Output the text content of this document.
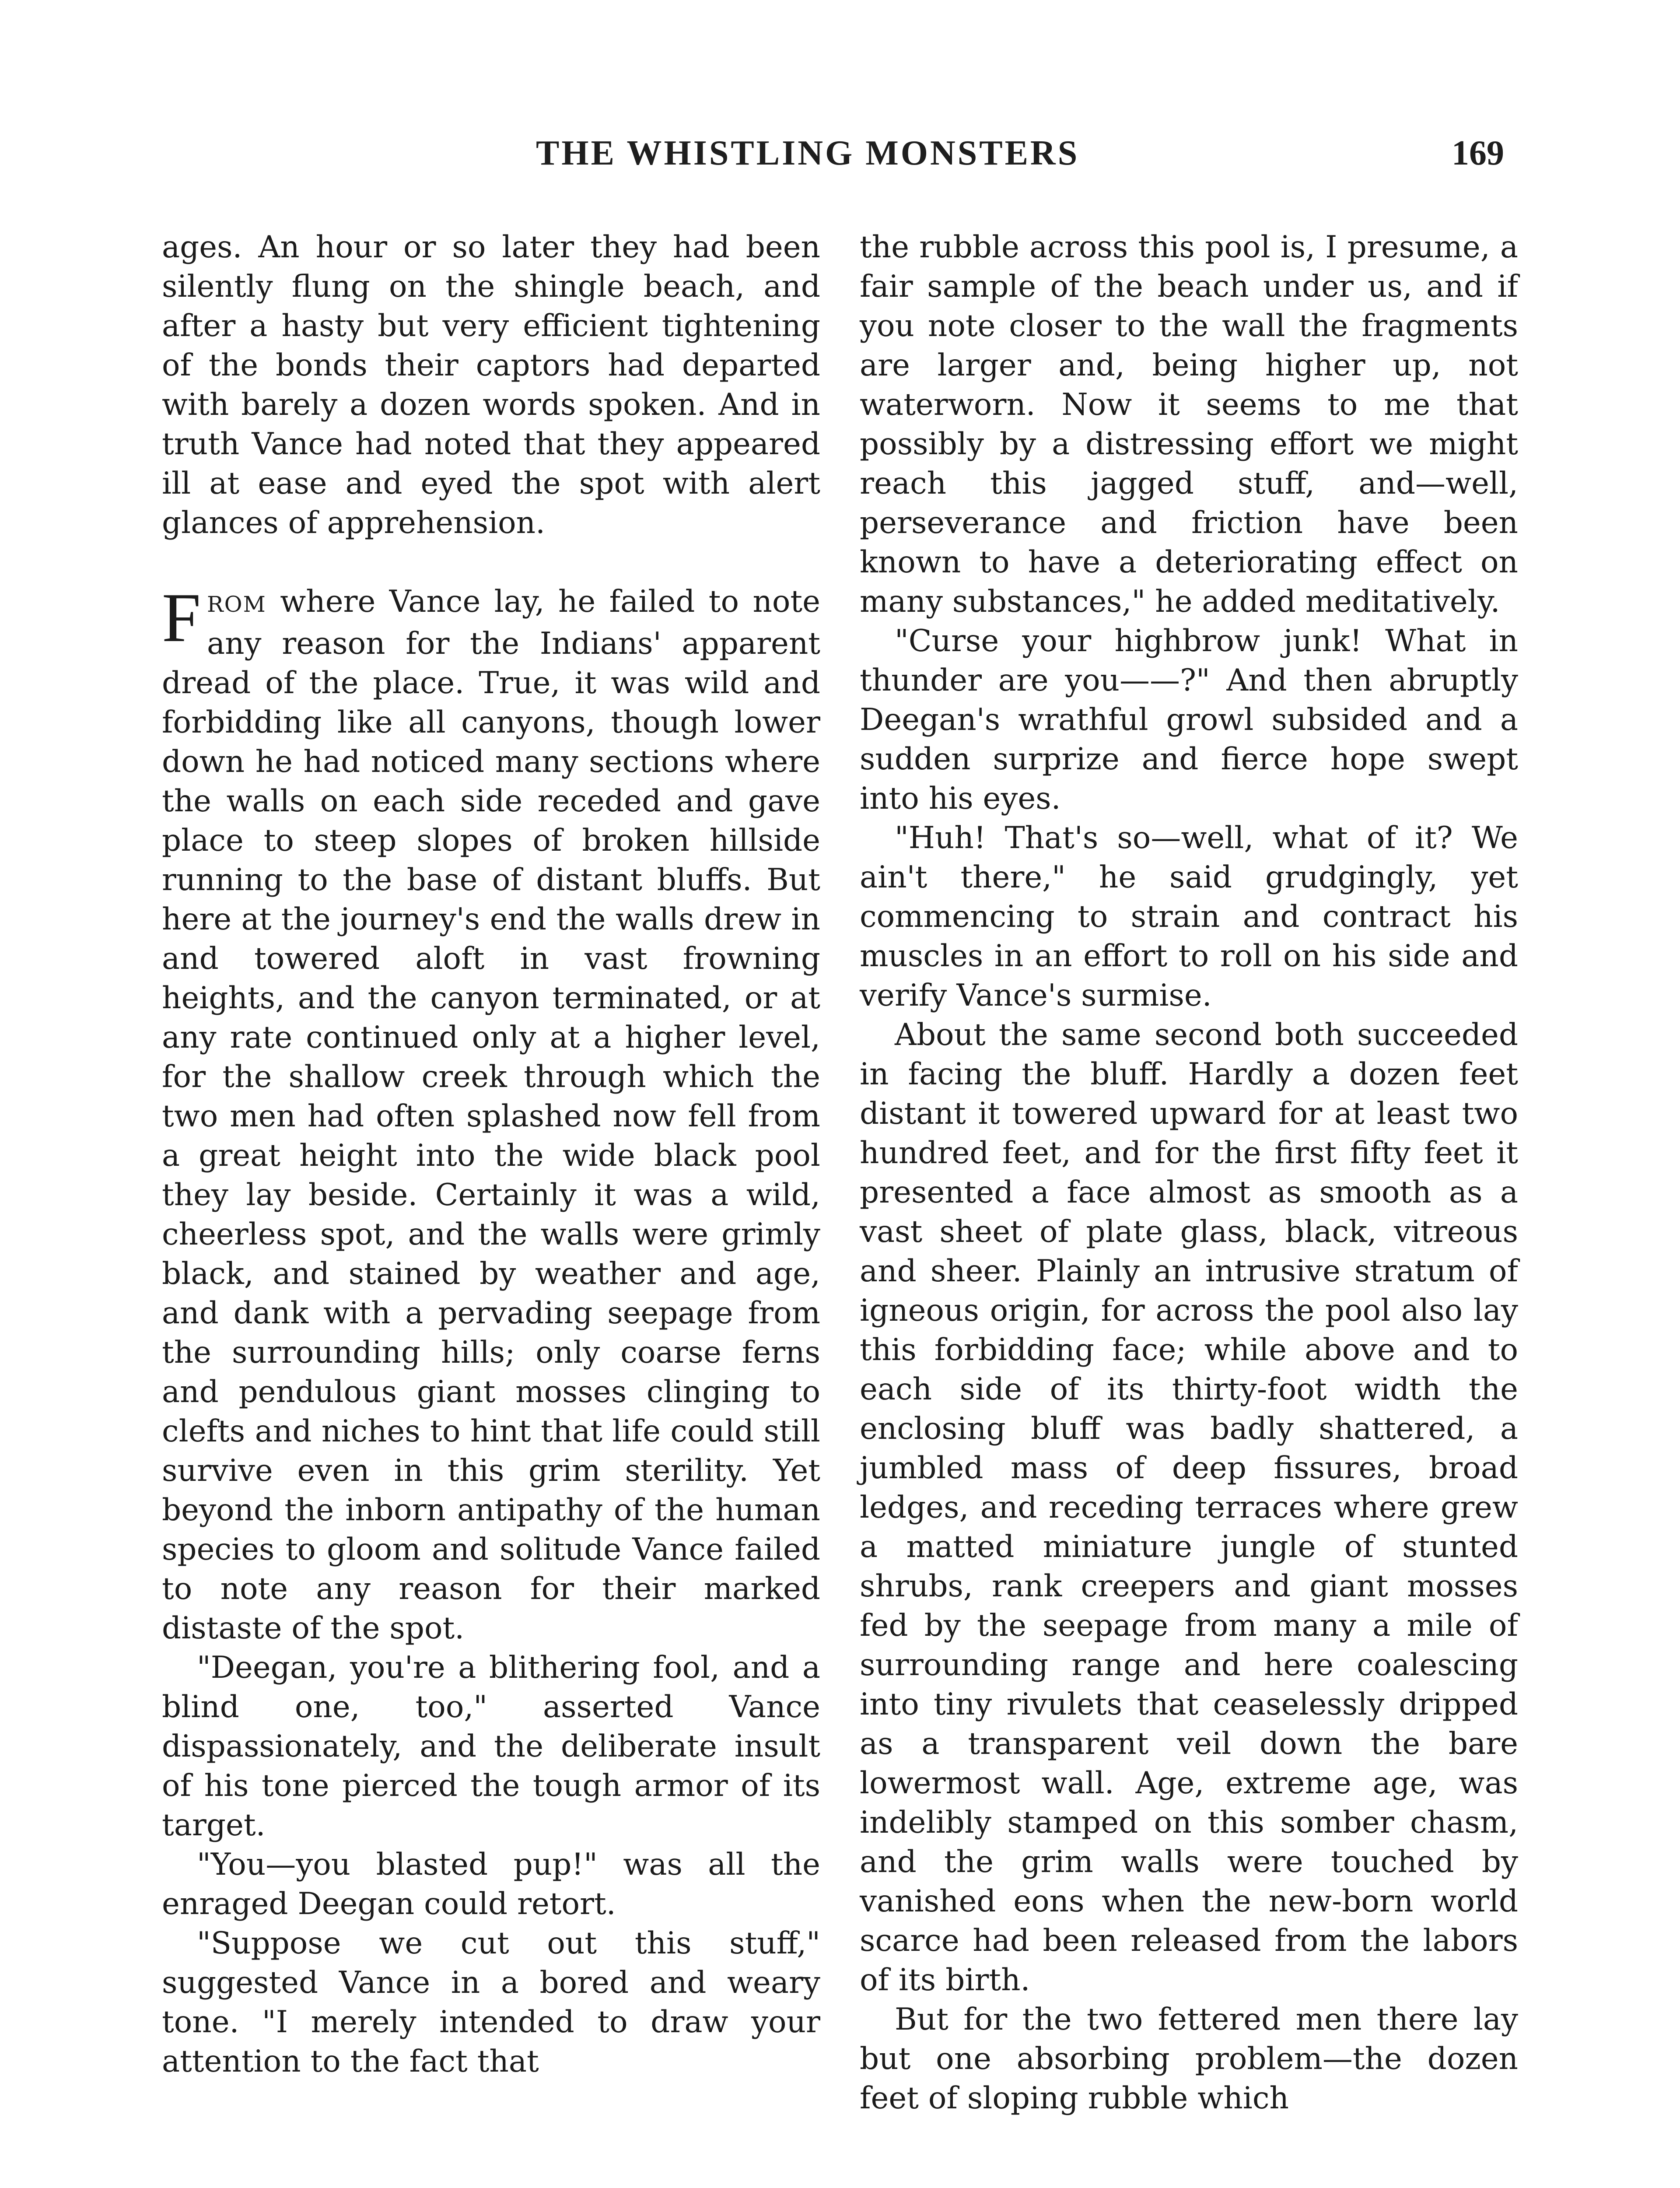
THE WHISTLING MONSTERS	169

ages. An hour or so later they had been silently flung on the shingle beach, and after a hasty but very efficient tightening of the bonds their captors had departed with barely a dozen words spoken. And in truth Vance had noted that they appeared ill at ease and eyed the spot with alert glances of apprehension.

FROM where Vance lay, he failed to note any reason for the Indians' apparent dread of the place. True, it was wild and forbidding like all canyons, though lower down he had noticed many sections where the walls on each side receded and gave place to steep slopes of broken hillside running to the base of distant bluffs. But here at the journey's end the walls drew in and towered aloft in vast frowning heights, and the canyon terminated, or at any rate continued only at a higher level, for the shallow creek through which the two men had often splashed now fell from a great height into the wide black pool they lay beside. Certainly it was a wild, cheerless spot, and the walls were grimly black, and stained by weather and age, and dank with a pervading seepage from the surrounding hills; only coarse ferns and pendulous giant mosses clinging to clefts and niches to hint that life could still survive even in this grim sterility. Yet beyond the inborn antipathy of the human species to gloom and solitude Vance failed to note any reason for their marked distaste of the spot.

"Deegan, you're a blithering fool, and a blind one, too," asserted Vance dispassionately, and the deliberate insult of his tone pierced the tough armor of its target.

"You—you blasted pup!" was all the enraged Deegan could retort.

"Suppose we cut out this stuff," suggested Vance in a bored and weary tone. "I merely intended to draw your attention to the fact that

the rubble across this pool is, I presume, a fair sample of the beach under us, and if you note closer to the wall the fragments are larger and, being higher up, not waterworn. Now it seems to me that possibly by a distressing effort we might reach this jagged stuff, and—well, perseverance and friction have been known to have a deteriorating effect on many substances," he added meditatively.

"Curse your highbrow junk! What in thunder are you——?" And then abruptly Deegan's wrathful growl subsided and a sudden surprize and fierce hope swept into his eyes.

"Huh! That's so—well, what of it? We ain't there," he said grudgingly, yet commencing to strain and contract his muscles in an effort to roll on his side and verify Vance's surmise.

About the same second both succeeded in facing the bluff. Hardly a dozen feet distant it towered upward for at least two hundred feet, and for the first fifty feet it presented a face almost as smooth as a vast sheet of plate glass, black, vitreous and sheer. Plainly an intrusive stratum of igneous origin, for across the pool also lay this forbidding face; while above and to each side of its thirty-foot width the enclosing bluff was badly shattered, a jumbled mass of deep fissures, broad ledges, and receding terraces where grew a matted miniature jungle of stunted shrubs, rank creepers and giant mosses fed by the seepage from many a mile of surrounding range and here coalescing into tiny rivulets that ceaselessly dripped as a transparent veil down the bare lowermost wall. Age, extreme age, was indelibly stamped on this somber chasm, and the grim walls were touched by vanished eons when the new-born world scarce had been released from the labors of its birth.

But for the two fettered men there lay but one absorbing problem—the dozen feet of sloping rubble which
